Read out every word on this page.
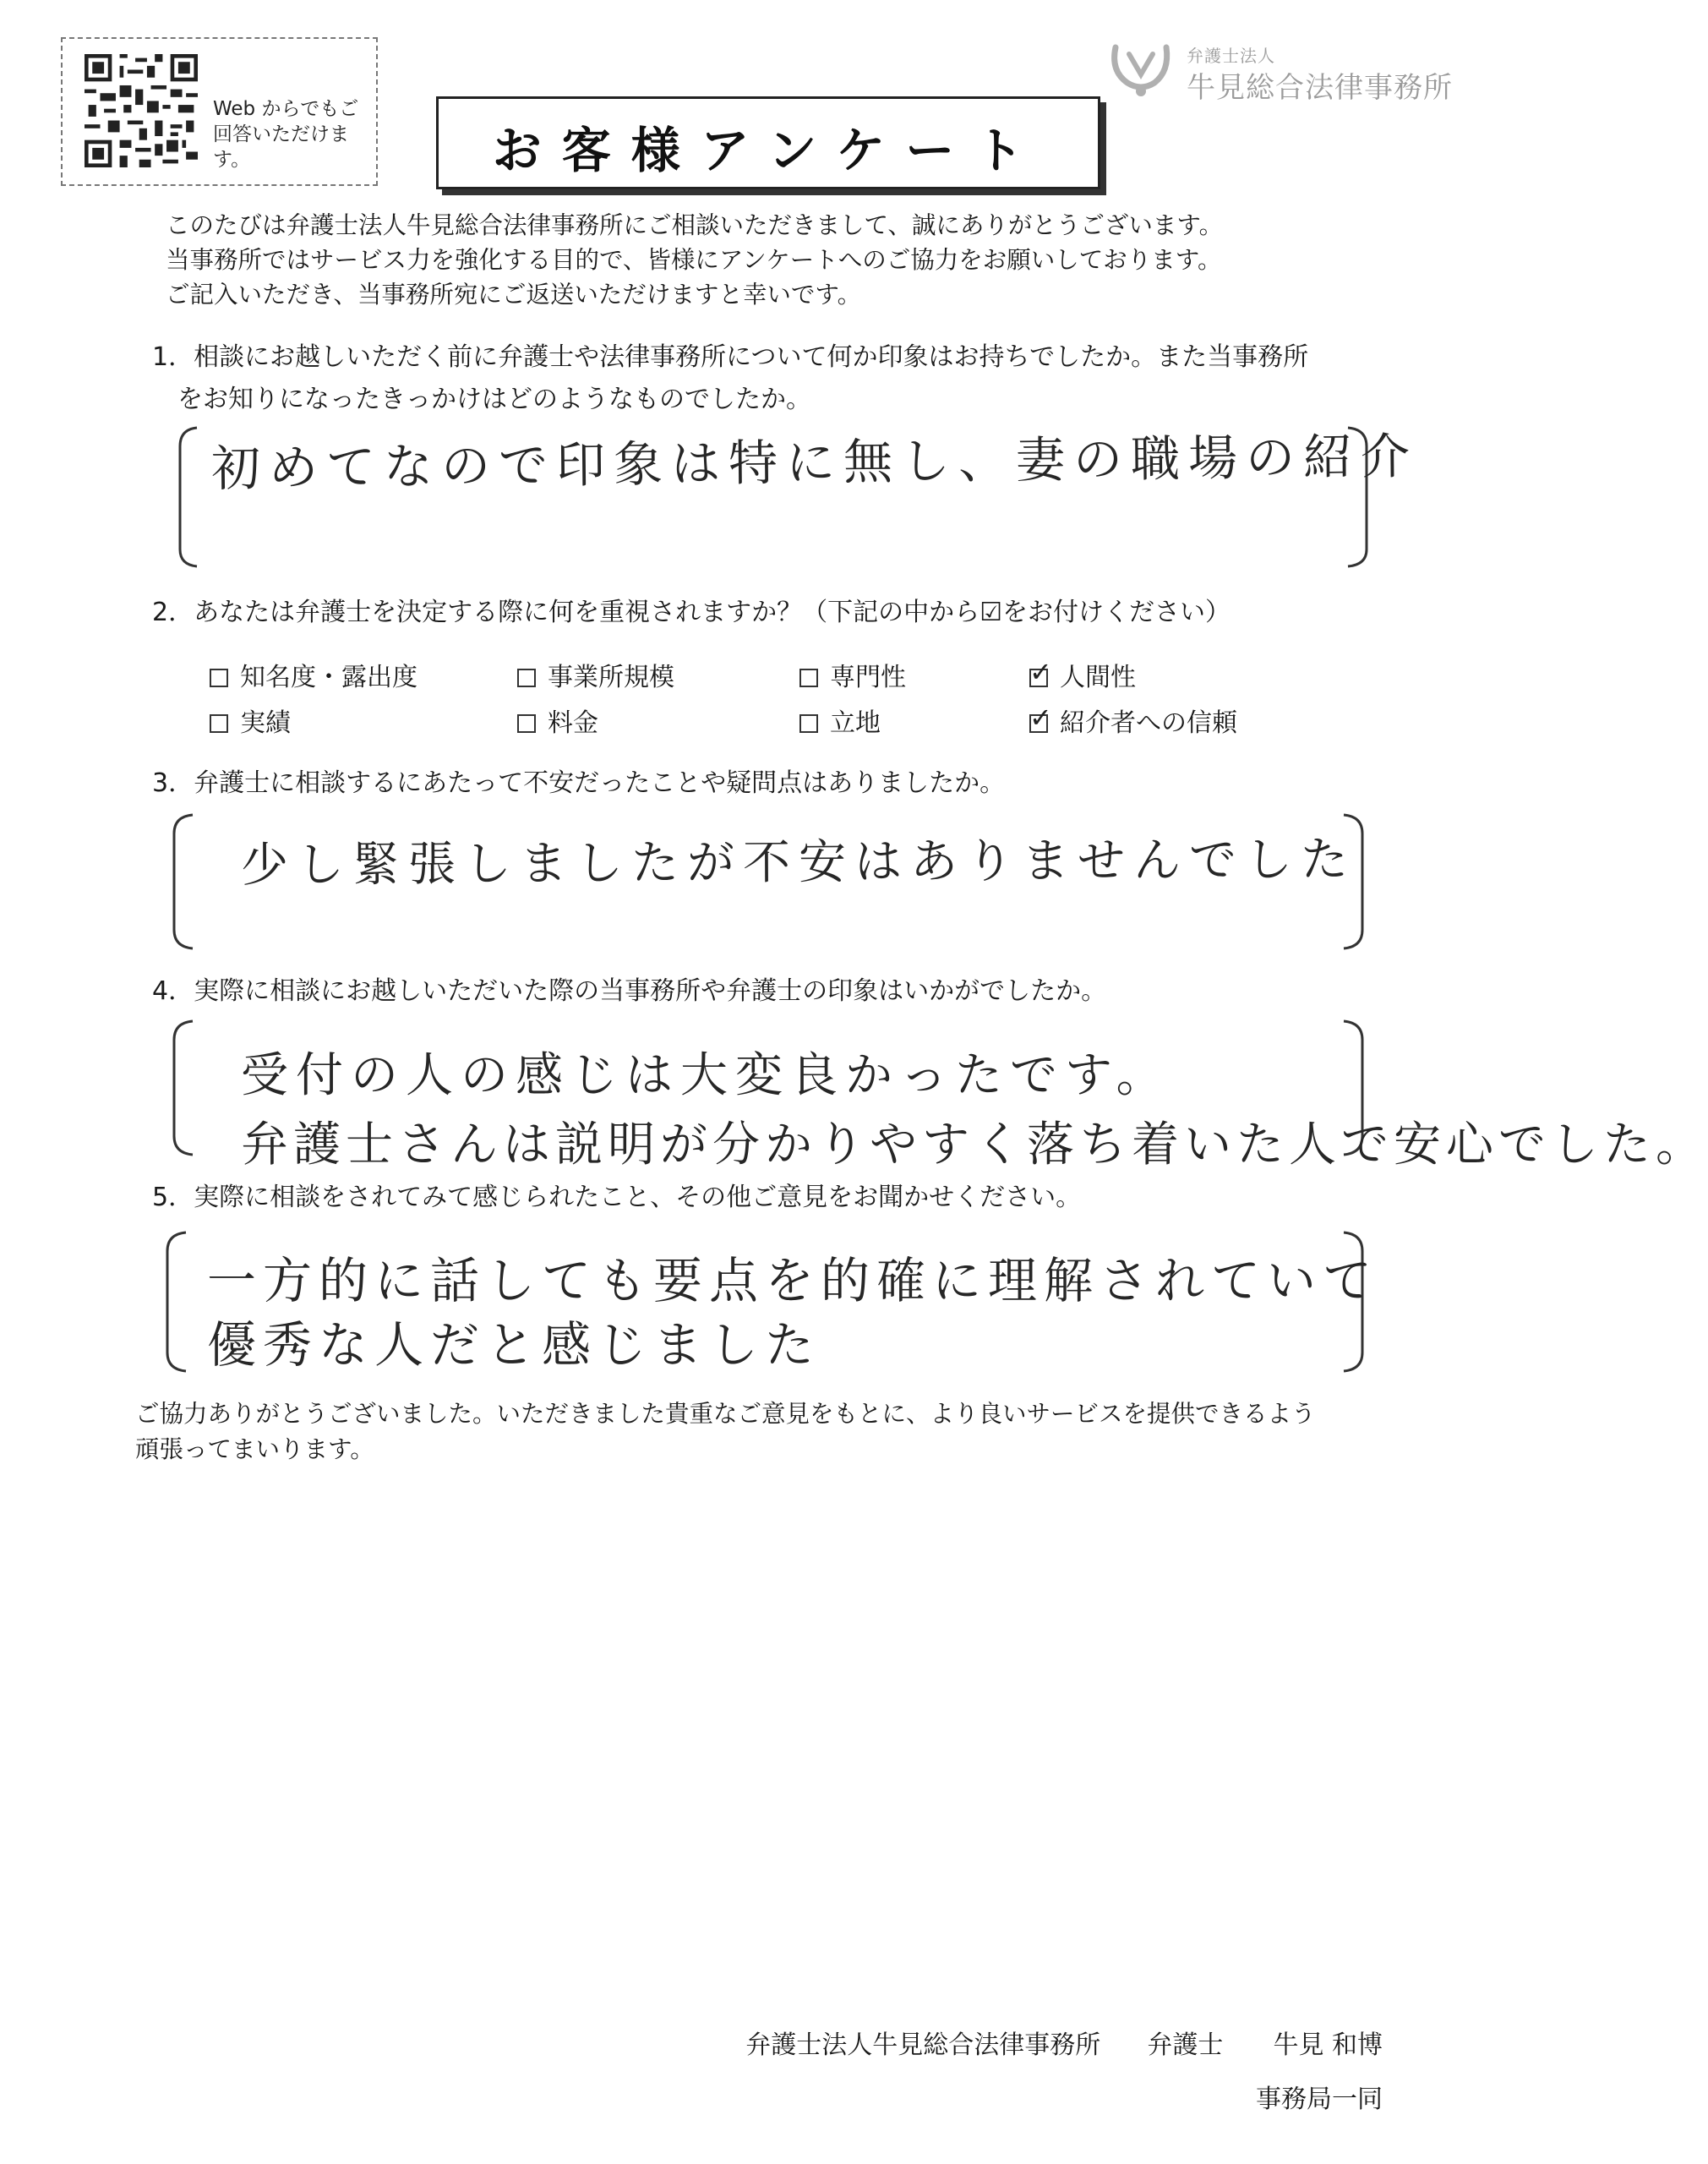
Web からでもご回答いただけます。
弁護士法人
牛見総合法律事務所
お客様アンケート
このたびは弁護士法人牛見総合法律事務所にご相談いただきまして、誠にありがとうございます。
当事務所ではサービス力を強化する目的で、皆様にアンケートへのご協力をお願いしております。
ご記入いただき、当事務所宛にご返送いただけますと幸いです。
1．相談にお越しいただく前に弁護士や法律事務所について何か印象はお持ちでしたか。また当事務所
をお知りになったきっかけはどのようなものでしたか。
初めてなので印象は特に無し、妻の職場の紹介
2．あなたは弁護士を決定する際に何を重視されますか？（下記の中から☑をお付けください）
知名度・露出度	事業所規模	専門性	✓ 人間性
実績	料金	立地	✓ 紹介者への信頼
3．弁護士に相談するにあたって不安だったことや疑問点はありましたか。
少し緊張しましたが不安はありませんでした
4．実際に相談にお越しいただいた際の当事務所や弁護士の印象はいかがでしたか。
受付の人の感じは大変良かったです。
弁護士さんは説明が分かりやすく落ち着いた人で安心でした。
5．実際に相談をされてみて感じられたこと、その他ご意見をお聞かせください。
一方的に話しても要点を的確に理解されていて
優秀な人だと感じました
ご協力ありがとうございました。いただきました貴重なご意見をもとに、より良いサービスを提供できるよう
頑張ってまいります。
弁護士法人牛見総合法律事務所 弁護士 牛見 和博
事務局一同
